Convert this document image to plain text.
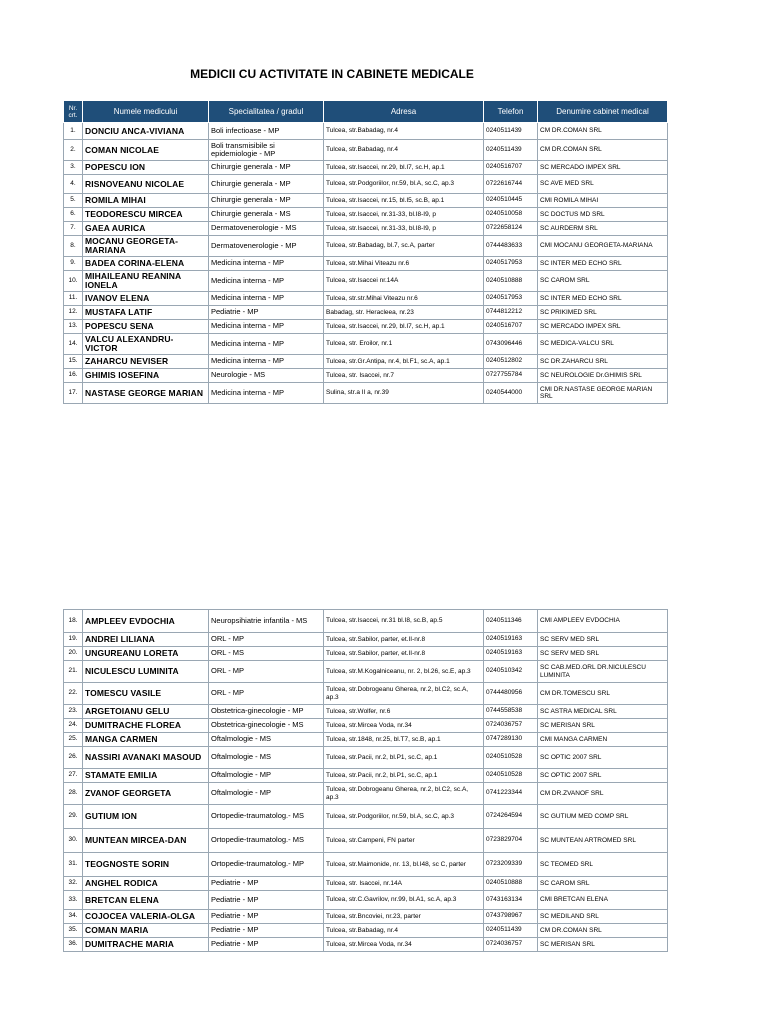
MEDICII CU ACTIVITATE IN CABINETE MEDICALE
Nr. crt.	Numele medicului	Specialitatea / gradul	Adresa	Telefon	Denumire cabinet medical
1.	DONCIU ANCA-VIVIANA	Boli infectioase - MP	Tulcea, str.Babadag, nr.4	0240511439	CM DR.COMAN SRL
2.	COMAN NICOLAE	Boli transmisibile si epidemiologie - MP	Tulcea, str.Babadag, nr.4	0240511439	CM DR.COMAN SRL
3.	POPESCU ION	Chirurgie generala - MP	Tulcea, str.Isaccei, nr.29, bl.I7, sc.H, ap.1	0240516707	SC MERCADO IMPEX SRL
4.	RISNOVEANU NICOLAE	Chirurgie generala - MP	Tulcea, str.Podgoriilor, nr.59, bl.A, sc.C, ap.3	0722616744	SC AVE MED SRL
5.	ROMILA MIHAI	Chirurgie generala - MP	Tulcea, str.Isaccei, nr.15, bl.I5, sc.B, ap.1	0240510445	CMI ROMILA MIHAI
6.	TEODORESCU MIRCEA	Chirurgie generala - MS	Tulcea, str.Isaccei, nr.31-33, bl.I8-I9, p	0240510058	SC DOCTUS MD SRL
7.	GAEA AURICA	Dermatovenerologie - MS	Tulcea, str.Isaccei, nr.31-33, bl.I8-I9, p	0722658124	SC AURDERM SRL
8.	MOCANU GEORGETA-MARIANA	Dermatovenerologie - MP	Tulcea, str.Babadag, bl.7, sc.A, parter	0744483633	CMI MOCANU GEORGETA-MARIANA
9.	BADEA CORINA-ELENA	Medicina interna - MP	Tulcea, str.Mihai Viteazu nr.6	0240517953	SC INTER MED ECHO SRL
10.	MIHAILEANU REANINA IONELA	Medicina interna - MP	Tulcea, str.Isaccei nr.14A	0240510888	SC CAROM SRL
11.	IVANOV ELENA	Medicina interna - MP	Tulcea, str.str.Mihai Viteazu nr.6	0240517953	SC INTER MED ECHO SRL
12.	MUSTAFA LATIF	Pediatrie - MP	Babadag, str. Heracleea, nr.23	0744812212	SC PRIKIMED SRL
13.	POPESCU SENA	Medicina interna - MP	Tulcea, str.Isaccei, nr.29, bl.I7, sc.H, ap.1	0240516707	SC MERCADO IMPEX SRL
14.	VALCU ALEXANDRU-VICTOR	Medicina interna - MP	Tulcea, str. Eroilor, nr.1	0743096446	SC MEDICA-VALCU SRL
15.	ZAHARCU NEVISER	Medicina interna - MP	Tulcea, str.Gr.Antipa, nr.4, bl.F1, sc.A, ap.1	0240512802	SC DR.ZAHARCU SRL
16.	GHIMIS IOSEFINA	Neurologie - MS	Tulcea, str. Isaccei, nr.7	0727755784	SC NEUROLOGIE Dr.GHIMIS SRL
17.	NASTASE GEORGE MARIAN	Medicina interna - MP	Sulina, str.a II a, nr.39	0240544000	CMI DR.NASTASE GEORGE MARIAN SRL
18.	AMPLEEV EVDOCHIA	Neuropsihiatrie infantila - MS	Tulcea, str.Isaccei, nr.31 bl.I8, sc.B, ap.5	0240511346	CMI AMPLEEV EVDOCHIA
19.	ANDREI LILIANA	ORL - MP	Tulcea, str.Sabilor, parter, et.II-nr.8	0240519163	SC SERV MED SRL
20.	UNGUREANU LORETA	ORL - MS	Tulcea, str.Sabilor, parter, et.II-nr.8	0240519163	SC SERV MED SRL
21.	NICULESCU LUMINITA	ORL - MP	Tulcea, str.M.Kogalniceanu, nr. 2, bl.26, sc.E, ap.3	0240510342	SC CAB.MED.ORL DR.NICULESCU LUMINITA
22.	TOMESCU VASILE	ORL - MP	Tulcea, str.Dobrogeanu Gherea, nr.2, bl.C2, sc.A, ap.3	0744480956	CM DR.TOMESCU SRL
23.	ARGETOIANU GELU	Obstetrica-ginecologie - MP	Tulcea, str.Wolfer, nr.6	0744558538	SC ASTRA MEDICAL SRL
24.	DUMITRACHE FLOREA	Obstetrica-ginecologie - MS	Tulcea, str.Mircea Voda, nr.34	0724036757	SC MERISAN SRL
25.	MANGA CARMEN	Oftalmologie - MS	Tulcea, str.1848, nr.25, bl.T7, sc.B, ap.1	0747289130	CMI MANGA CARMEN
26.	NASSIRI AVANAKI MASOUD	Oftalmologie - MS	Tulcea, str.Pacii, nr.2, bl.P1, sc.C, ap.1	0240510528	SC OPTIC 2007 SRL
27.	STAMATE EMILIA	Oftalmologie - MP	Tulcea, str.Pacii, nr.2, bl.P1, sc.C, ap.1	0240510528	SC OPTIC 2007 SRL
28.	ZVANOF GEORGETA	Oftalmologie - MP	Tulcea, str.Dobrogeanu Gherea, nr.2, bl.C2, sc.A, ap.3	0741223344	CM DR.ZVANOF SRL
29.	GUTIUM ION	Ortopedie-traumatolog.- MS	Tulcea, str.Podgoriilor, nr.59, bl.A, sc.C, ap.3	0724264594	SC GUTIUM MED COMP SRL
30.	MUNTEAN MIRCEA-DAN	Ortopedie-traumatolog.- MS	Tulcea, str.Campeni, FN parter	0723829704	SC MUNTEAN ARTROMED SRL
31.	TEOGNOSTE SORIN	Ortopedie-traumatolog.- MP	Tulcea, str.Maimonide, nr. 13, bl.I48, sc C, parter	0723209339	SC TEOMED SRL
32.	ANGHEL RODICA	Pediatrie - MP	Tulcea, str. Isaccei, nr.14A	0240510888	SC CAROM SRL
33.	BRETCAN ELENA	Pediatrie - MP	Tulcea, str.C.Gavrilov, nr.99, bl.A1, sc.A, ap.3	0743163134	CMI BRETCAN ELENA
34.	COJOCEA VALERIA-OLGA	Pediatrie - MP	Tulcea, str.Bncoviei, nr.23, parter	0743798967	SC MEDILAND SRL
35.	COMAN MARIA	Pediatrie - MP	Tulcea, str.Babadag, nr.4	0240511439	CM DR.COMAN SRL
36.	DUMITRACHE MARIA	Pediatrie - MP	Tulcea, str.Mircea Voda, nr.34	0724036757	SC MERISAN SRL
